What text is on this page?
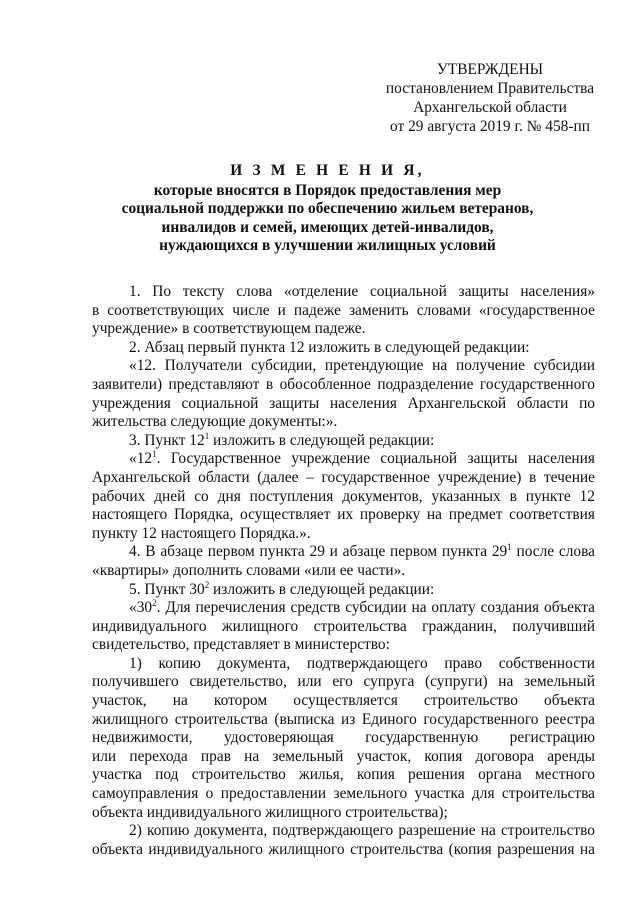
УТВЕРЖДЕНЫ
постановлением Правительства
Архангельской области
от 29 августа 2019 г. № 458-пп
И З М Е Н Е Н И Я,
которые вносятся в Порядок предоставления мер
социальной поддержки по обеспечению жильем ветеранов,
инвалидов и семей, имеющих детей-инвалидов,
нуждающихся в улучшении жилищных условий
1. По тексту слова «отделение социальной защиты населения»
в соответствующих числе и падеже заменить словами «государственное
учреждение» в соответствующем падеже.
2. Абзац первый пункта 12 изложить в следующей редакции:
«12. Получатели субсидии, претендующие на получение субсидии
заявители) представляют в обособленное подразделение государственного
учреждения социальной защиты населения Архангельской области по
жительства следующие документы:».
3. Пункт $12^1$ изложить в следующей редакции:
«$12^1$. Государственное учреждение социальной защиты населения
Архангельской области (далее – государственное учреждение) в течение
рабочих дней со дня поступления документов, указанных в пункте 12
настоящего Порядка, осуществляет их проверку на предмет соответствия
пункту 12 настоящего Порядка.».
4. В абзаце первом пункта 29 и абзаце первом пункта $29^1$ после слова
«квартиры» дополнить словами «или ее части».
5. Пункт $30^2$ изложить в следующей редакции:
«$30^2$. Для перечисления средств субсидии на оплату создания объекта
индивидуального жилищного строительства гражданин, получивший
свидетельство, представляет в министерство:
1) копию документа, подтверждающего право собственности
получившего свидетельство, или его супруга (супруги) на земельный
участок, на котором осуществляется строительство объекта
жилищного строительства (выписка из Единого государственного реестра
недвижимости, удостоверяющая государственную регистрацию
или перехода прав на земельный участок, копия договора аренды
участка под строительство жилья, копия решения органа местного
самоуправления о предоставлении земельного участка для строительства
объекта индивидуального жилищного строительства);
2) копию документа, подтверждающего разрешение на строительство
объекта индивидуального жилищного строительства (копия разрешения на
